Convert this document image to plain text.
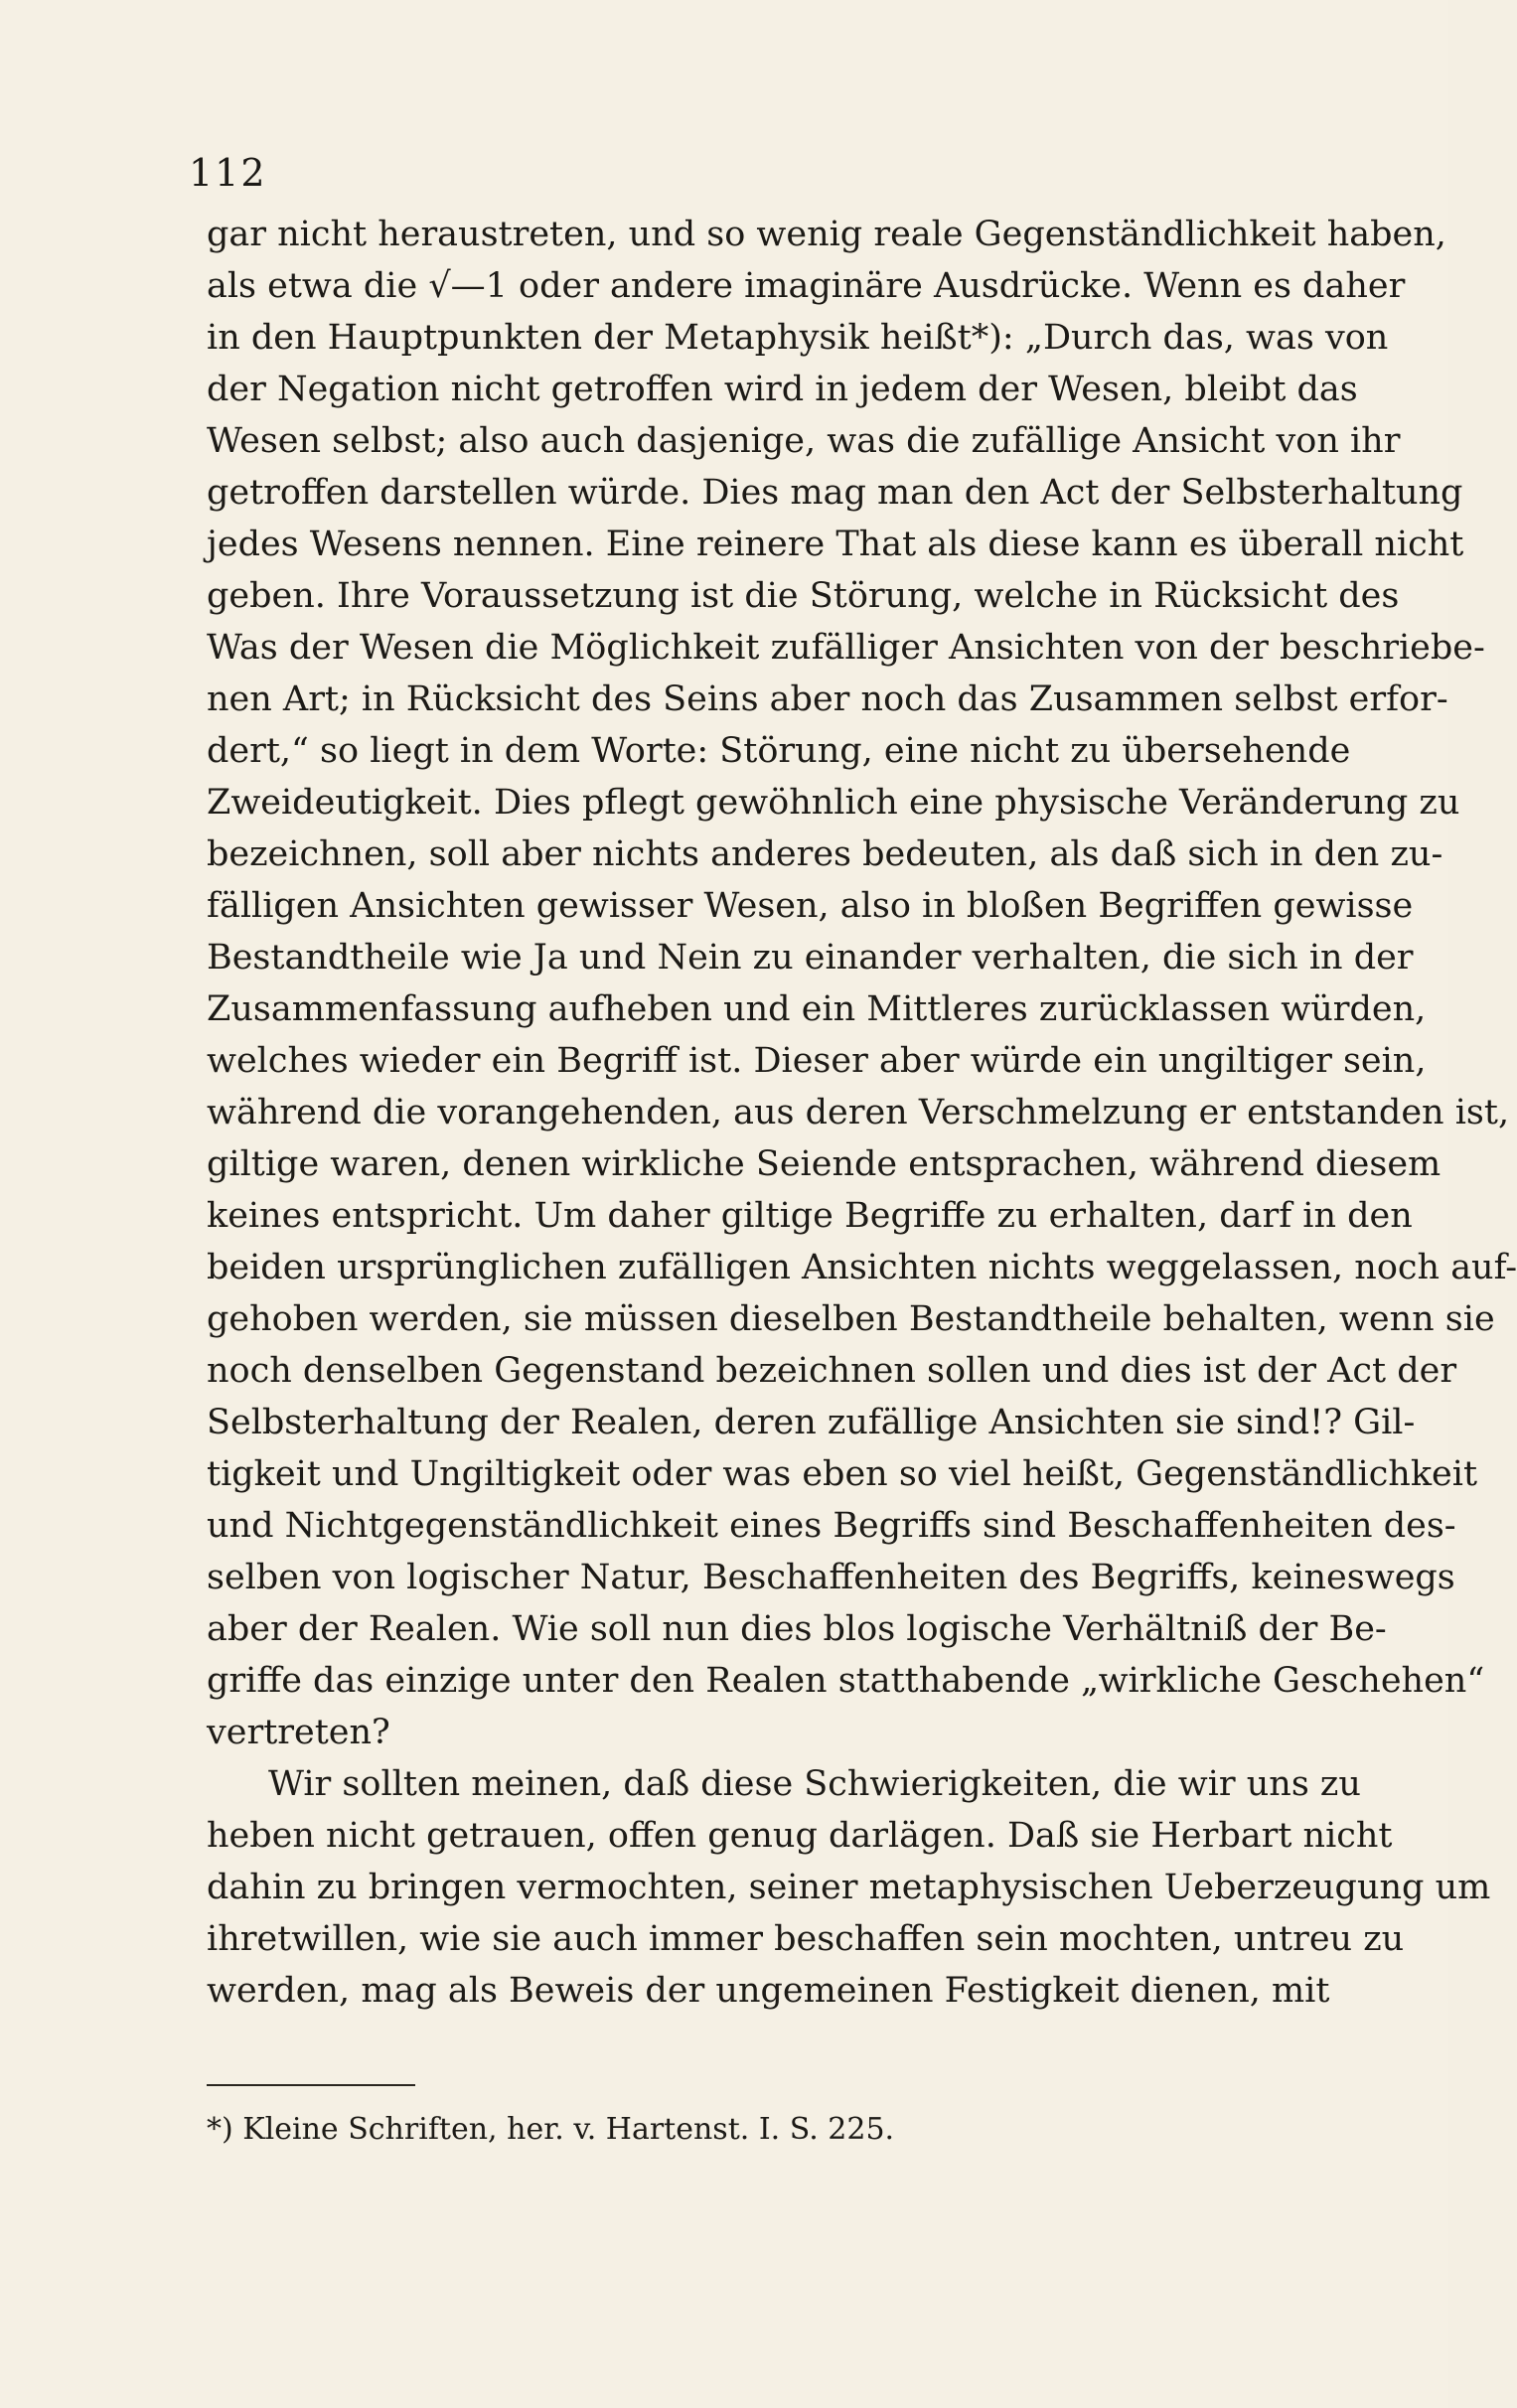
112
gar nicht heraustreten, und so wenig reale Gegenständlichkeit haben,
als etwa die √—1 oder andere imaginäre Ausdrücke. Wenn es daher
in den Hauptpunkten der Metaphysik heißt*): „Durch das, was von
der Negation nicht getroffen wird in jedem der Wesen, bleibt das
Wesen selbst; also auch dasjenige, was die zufällige Ansicht von ihr
getroffen darstellen würde. Dies mag man den Act der Selbsterhaltung
jedes Wesens nennen. Eine reinere That als diese kann es überall nicht
geben. Ihre Voraussetzung ist die Störung, welche in Rücksicht des
Was der Wesen die Möglichkeit zufälliger Ansichten von der beschriebe-
nen Art; in Rücksicht des Seins aber noch das Zusammen selbst erfor-
dert,“ so liegt in dem Worte: Störung, eine nicht zu übersehende
Zweideutigkeit. Dies pflegt gewöhnlich eine physische Veränderung zu
bezeichnen, soll aber nichts anderes bedeuten, als daß sich in den zu-
fälligen Ansichten gewisser Wesen, also in bloßen Begriffen gewisse
Bestandtheile wie Ja und Nein zu einander verhalten, die sich in der
Zusammenfassung aufheben und ein Mittleres zurücklassen würden,
welches wieder ein Begriff ist. Dieser aber würde ein ungiltiger sein,
während die vorangehenden, aus deren Verschmelzung er entstanden ist,
giltige waren, denen wirkliche Seiende entsprachen, während diesem
keines entspricht. Um daher giltige Begriffe zu erhalten, darf in den
beiden ursprünglichen zufälligen Ansichten nichts weggelassen, noch auf-
gehoben werden, sie müssen dieselben Bestandtheile behalten, wenn sie
noch denselben Gegenstand bezeichnen sollen und dies ist der Act der
Selbsterhaltung der Realen, deren zufällige Ansichten sie sind!? Gil-
tigkeit und Ungiltigkeit oder was eben so viel heißt, Gegenständlichkeit
und Nichtgegenständlichkeit eines Begriffs sind Beschaffenheiten des-
selben von logischer Natur, Beschaffenheiten des Begriffs, keineswegs
aber der Realen. Wie soll nun dies blos logische Verhältniß der Be-
griffe das einzige unter den Realen statthabende „wirkliche Geschehen“
vertreten?
Wir sollten meinen, daß diese Schwierigkeiten, die wir uns zu
heben nicht getrauen, offen genug darlägen. Daß sie Herbart nicht
dahin zu bringen vermochten, seiner metaphysischen Ueberzeugung um
ihretwillen, wie sie auch immer beschaffen sein mochten, untreu zu
werden, mag als Beweis der ungemeinen Festigkeit dienen, mit
*) Kleine Schriften, her. v. Hartenst. I. S. 225.
